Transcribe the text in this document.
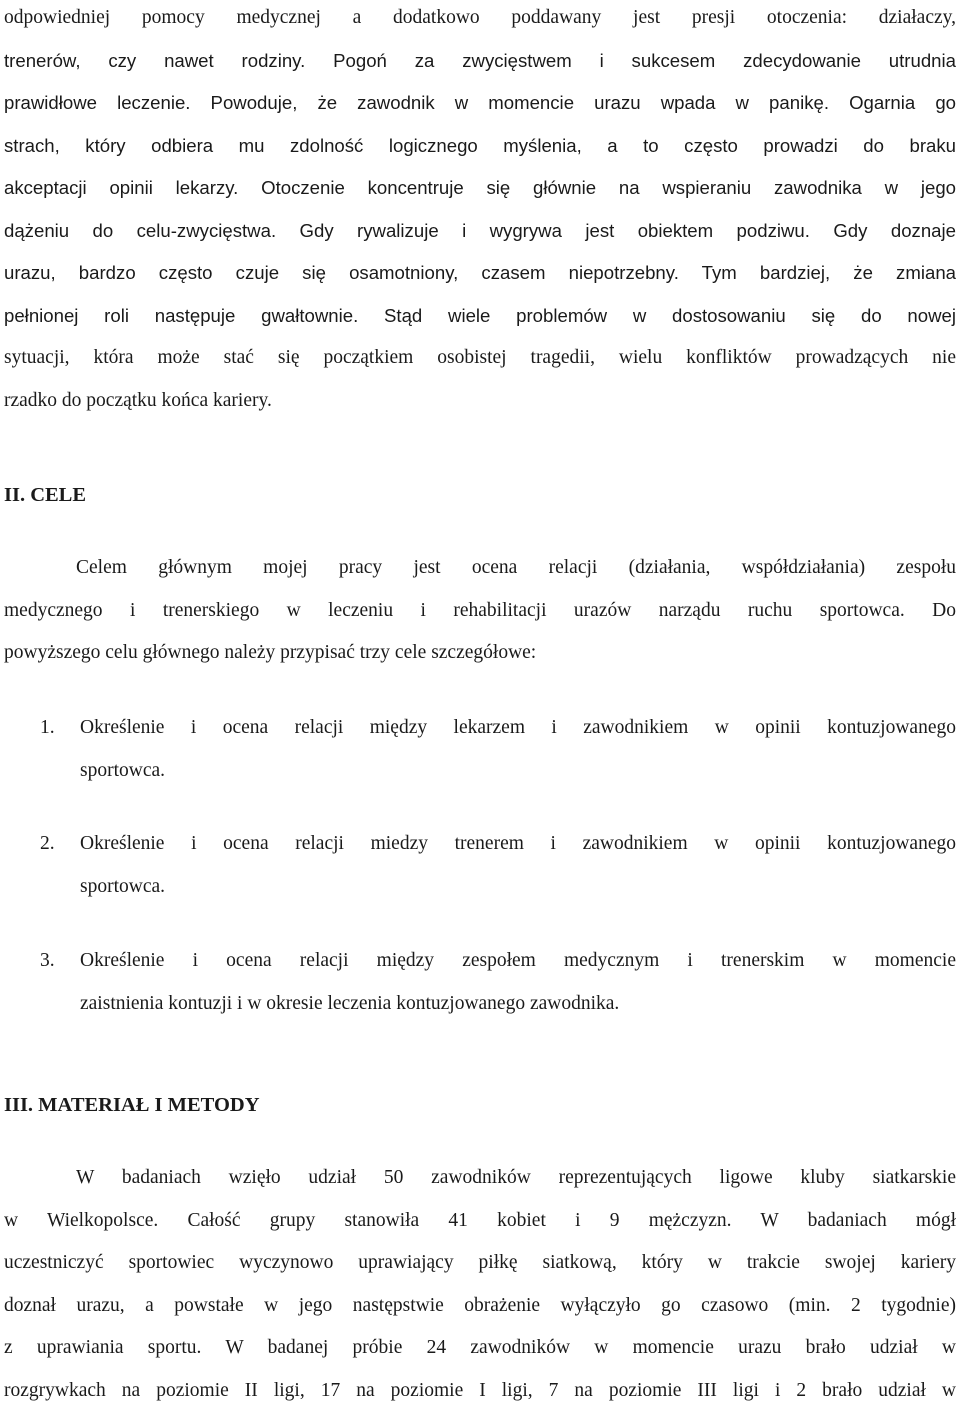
odpowiedniej pomocy medycznej a dodatkowo poddawany jest presji otoczenia: działaczy,
trenerów, czy nawet rodziny. Pogoń za zwycięstwem i sukcesem zdecydowanie utrudnia
prawidłowe leczenie. Powoduje, że zawodnik w momencie urazu wpada w panikę. Ogarnia go
strach, który odbiera mu zdolność logicznego myślenia, a to często prowadzi do braku
akceptacji opinii lekarzy. Otoczenie koncentruje się głównie na wspieraniu zawodnika w jego
dążeniu do celu-zwycięstwa. Gdy rywalizuje i wygrywa jest obiektem podziwu. Gdy doznaje
urazu, bardzo często czuje się osamotniony, czasem niepotrzebny. Tym bardziej, że zmiana
pełnionej roli następuje gwałtownie. Stąd wiele problemów w dostosowaniu się do nowej
sytuacji, która może stać się początkiem osobistej tragedii, wielu konfliktów prowadzących nie
rzadko do początku końca kariery.
II. CELE
Celem głównym mojej pracy jest ocena relacji (działania, współdziałania) zespołu
medycznego i trenerskiego w leczeniu i rehabilitacji urazów narządu ruchu sportowca. Do
powyższego celu głównego należy przypisać trzy cele szczegółowe:
1. Określenie i ocena relacji między lekarzem i zawodnikiem w opinii kontuzjowanego
sportowca.
2. Określenie i ocena relacji miedzy trenerem i zawodnikiem w opinii kontuzjowanego
sportowca.
3. Określenie i ocena relacji między zespołem medycznym i trenerskim w momencie
zaistnienia kontuzji i w okresie leczenia kontuzjowanego zawodnika.
III. MATERIAŁ I METODY
W badaniach wzięło udział 50 zawodników reprezentujących ligowe kluby siatkarskie
w Wielkopolsce. Całość grupy stanowiła 41 kobiet i 9 mężczyzn. W badaniach mógł
uczestniczyć sportowiec wyczynowo uprawiający piłkę siatkową, który w trakcie swojej kariery
doznał urazu, a powstałe w jego następstwie obrażenie wyłączyło go czasowo (min. 2 tygodnie)
z uprawiania sportu. W badanej próbie 24 zawodników w momencie urazu brało udział w
rozgrywkach na poziomie II ligi, 17 na poziomie I ligi, 7 na poziomie III ligi i 2 brało udział w
